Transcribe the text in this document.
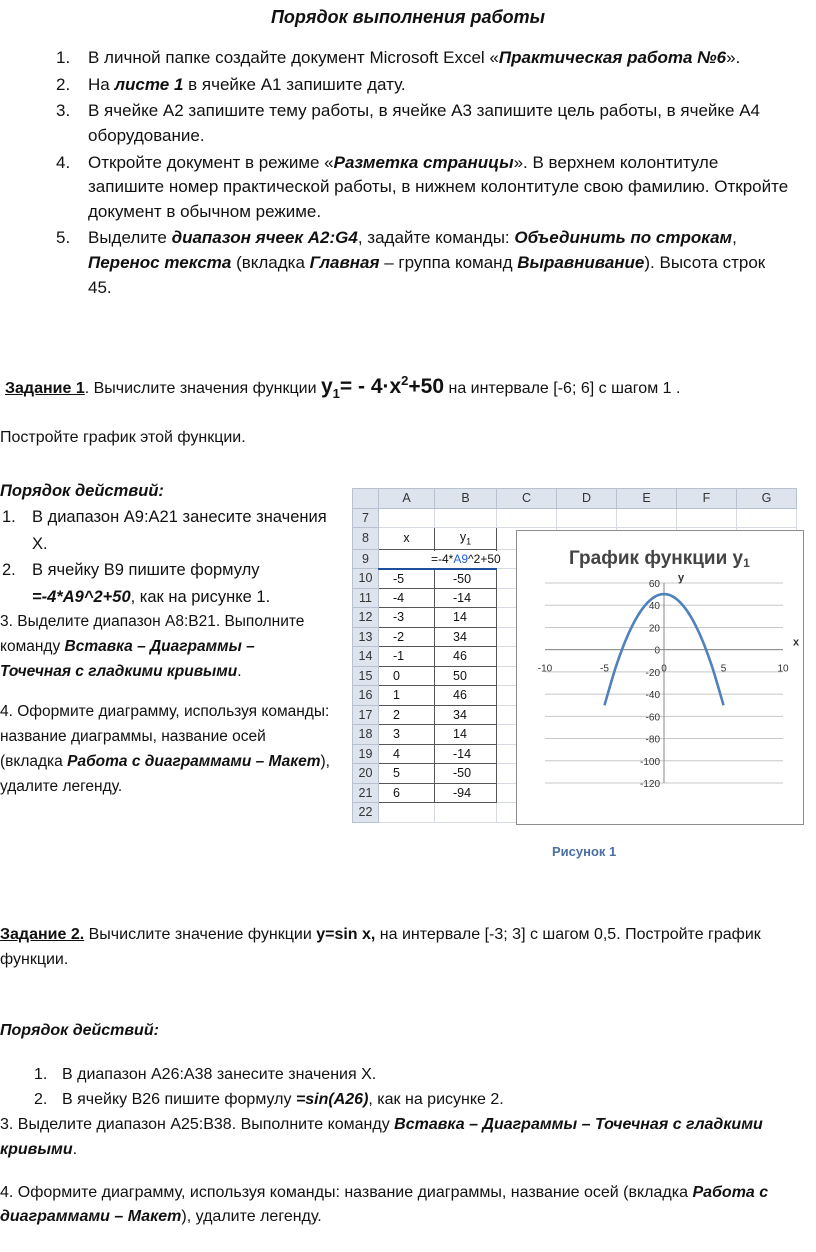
Порядок выполнения работы
1. В личной папке создайте документ Microsoft Excel «Практическая работа №6».
2. На листе 1 в ячейке А1 запишите дату.
3. В ячейке А2 запишите тему работы, в ячейке А3 запишите цель работы, в ячейке А4 оборудование.
4. Откройте документ в режиме «Разметка страницы». В верхнем колонтитуле запишите номер практической работы, в нижнем колонтитуле свою фамилию. Откройте документ в обычном режиме.
5. Выделите диапазон ячеек А2:G4, задайте команды: Объединить по строкам, Перенос текста (вкладка Главная – группа команд Выравнивание). Высота строк 45.
Задание 1. Вычислите значения функции $y_1= - 4\cdot x^2+50$ на интервале [-6; 6] с шагом 1 .
Постройте график этой функции.
Порядок действий:
1. В диапазон А9:А21 занесите значения Х.
2. В ячейку В9 пишите формулу =-4*А9^2+50, как на рисунке 1.
3. Выделите диапазон А8:В21. Выполните команду Вставка – Диаграммы – Точечная с гладкими кривыми.
4. Оформите диаграмму, используя команды: название диаграммы, название осей (вкладка Работа с диаграммами – Макет), удалите легенду.
	A	B	C	D	E	F	G
7							
8	x	$y_1$					
9		=-4*A9^2+50					

10	-5	-50					
11	-4	-14					
12	-3	14					
13	-2	34					
14	-1	46					
15	0	50					
16	1	46					
17	2	34					
18	3	14					
19	4	-14					
20	5	-50					
21	6	-94					
22							
График функции y1
60
40
20
0
-20
-40
-60
-80
-100
-120
-10	-5	0	5	10
x
y
Рисунок 1
Задание 2. Вычислите значение функции y=sin x, на интервале [-3; 3] с шагом 0,5. Постройте график функции.
Порядок действий:
1. В диапазон А26:А38 занесите значения Х.
2. В ячейку В26 пишите формулу =sin(A26), как на рисунке 2.
3. Выделите диапазон А25:В38. Выполните команду Вставка – Диаграммы – Точечная с гладкими кривыми.
4. Оформите диаграмму, используя команды: название диаграммы, название осей (вкладка Работа с диаграммами – Макет), удалите легенду.
